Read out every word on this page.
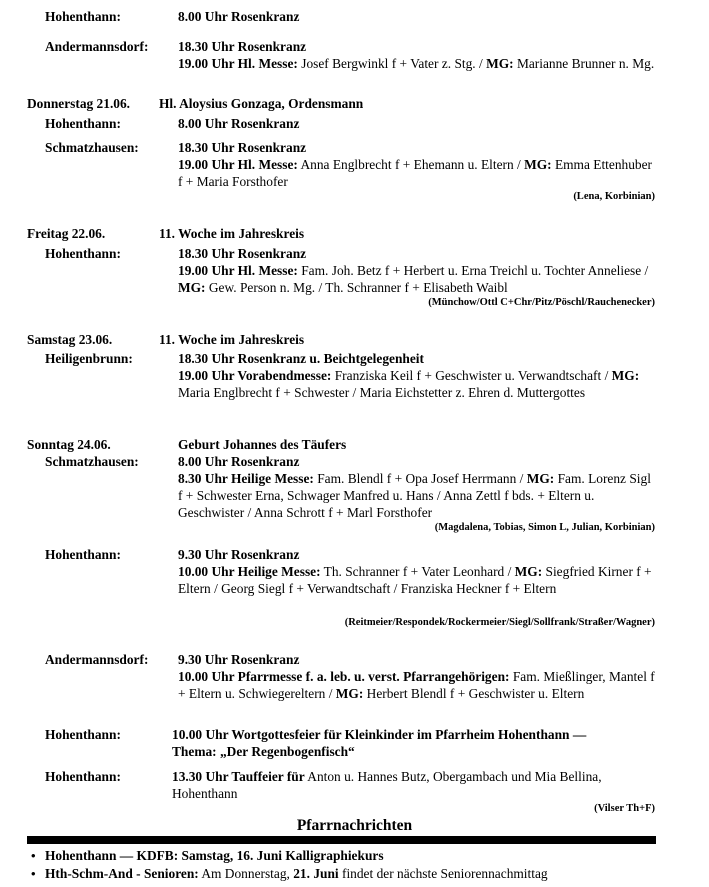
Hohenthann:	8.00 Uhr Rosenkranz
Andermannsdorf: 18.30 Uhr Rosenkranz
19.00 Uhr Hl. Messe: Josef Bergwinkl f + Vater z. Stg. / MG: Marianne Brunner n. Mg.
Donnerstag 21.06. Hl. Aloysius Gonzaga, Ordensmann
Hohenthann:	8.00 Uhr Rosenkranz
Schmatzhausen:	18.30 Uhr Rosenkranz
19.00 Uhr Hl. Messe: Anna Englbrecht f + Ehemann u. Eltern / MG: Emma Ettenhuber f + Maria Forsthofer
(Lena, Korbinian)
Freitag 22.06.	11. Woche im Jahreskreis
Hohenthann:	18.30 Uhr Rosenkranz
19.00 Uhr Hl. Messe: Fam. Joh. Betz f + Herbert u. Erna Treichl u. Tochter Anneliese / MG: Gew. Person n. Mg. / Th. Schranner f + Elisabeth Waibl
(Münchow/Ottl C+Chr/Pitz/Pöschl/Rauchenecker)
Samstag 23.06.	11. Woche im Jahreskreis
Heiligenbrunn:	18.30 Uhr Rosenkranz u. Beichtgelegenheit
19.00 Uhr Vorabendmesse: Franziska Keil f + Geschwister u. Verwandtschaft / MG: Maria Englbrecht f + Schwester / Maria Eichstetter z. Ehren d. Muttergottes
Sonntag 24.06.	Geburt Johannes des Täufers
Schmatzhausen:	8.00 Uhr Rosenkranz
8.30 Uhr Heilige Messe: Fam. Blendl f + Opa Josef Herrmann / MG: Fam. Lorenz Sigl f + Schwester Erna, Schwager Manfred u. Hans / Anna Zettl f bds. + Eltern u. Geschwister / Anna Schrott f + Marl Forsthofer
(Magdalena, Tobias, Simon L, Julian, Korbinian)
Hohenthann:	9.30 Uhr Rosenkranz
10.00 Uhr Heilige Messe: Th. Schranner f + Vater Leonhard / MG: Siegfried Kirner f + Eltern / Georg Siegl f + Verwandtschaft / Franziska Heckner f + Eltern
(Reitmeier/Respondek/Rockermeier/Siegl/Sollfrank/Straßer/Wagner)
Andermannsdorf: 9.30 Uhr Rosenkranz
10.00 Uhr Pfarrmesse f. a. leb. u. verst. Pfarrangehörigen: Fam. Mießlinger, Mantel f + Eltern u. Schwiegereltern / MG: Herbert Blendl f + Geschwister u. Eltern
Hohenthann:	10.00 Uhr Wortgottesfeier für Kleinkinder im Pfarrheim Hohenthann —
Thema: „Der Regenbogenfisch“
Hohenthann:	13.30 Uhr Tauffeier für Anton u. Hannes Butz, Obergambach und Mia Bellina, Hohenthann
(Vilser Th+F)
Pfarrnachrichten
• Hohenthann — KDFB: Samstag, 16. Juni Kalligraphiekurs
• Hth-Schm-And - Senioren: Am Donnerstag, 21. Juni findet der nächste Seniorennachmittag
